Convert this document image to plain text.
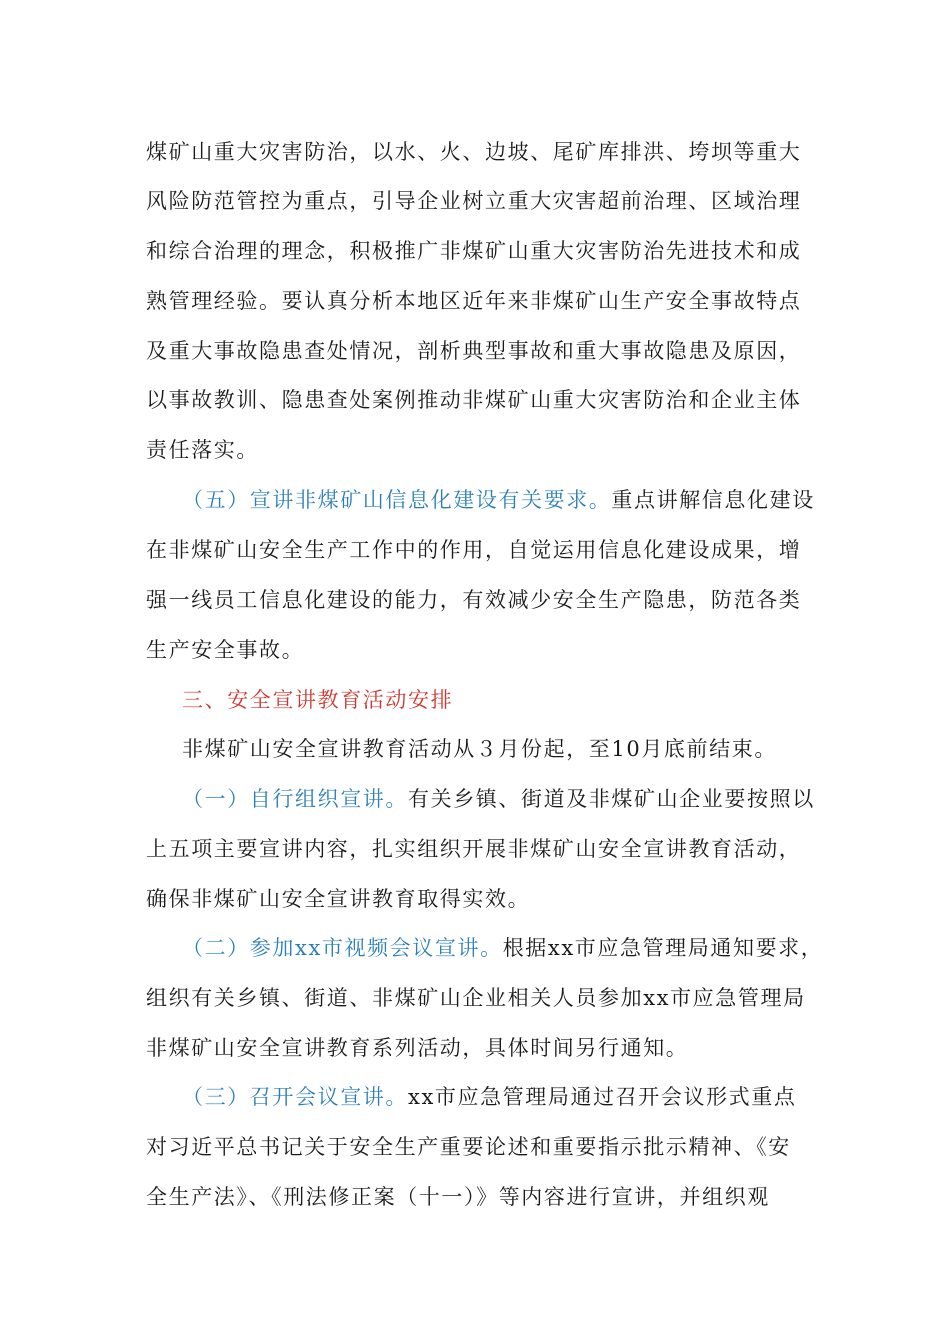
煤矿山重大灾害防治，以水、火、边坡、尾矿库排洪、垮坝等重大
风险防范管控为重点，引导企业树立重大灾害超前治理、区域治理
和综合治理的理念，积极推广非煤矿山重大灾害防治先进技术和成
熟管理经验。要认真分析本地区近年来非煤矿山生产安全事故特点
及重大事故隐患查处情况，剖析典型事故和重大事故隐患及原因，
以事故教训、隐患查处案例推动非煤矿山重大灾害防治和企业主体
责任落实。
（五）宣讲非煤矿山信息化建设有关要求。重点讲解信息化建设
在非煤矿山安全生产工作中的作用，自觉运用信息化建设成果，增
强一线员工信息化建设的能力，有效减少安全生产隐患，防范各类
生产安全事故。
三、安全宣讲教育活动安排
非煤矿山安全宣讲教育活动从３月份起，至10月底前结束。
（一）自行组织宣讲。有关乡镇、街道及非煤矿山企业要按照以
上五项主要宣讲内容，扎实组织开展非煤矿山安全宣讲教育活动，
确保非煤矿山安全宣讲教育取得实效。
（二）参加xx市视频会议宣讲。根据xx市应急管理局通知要求，
组织有关乡镇、街道、非煤矿山企业相关人员参加xx市应急管理局
非煤矿山安全宣讲教育系列活动，具体时间另行通知。
（三）召开会议宣讲。xx市应急管理局通过召开会议形式重点
对习近平总书记关于安全生产重要论述和重要指示批示精神、《安
全生产法》、《刑法修正案（十一）》等内容进行宣讲，并组织观
